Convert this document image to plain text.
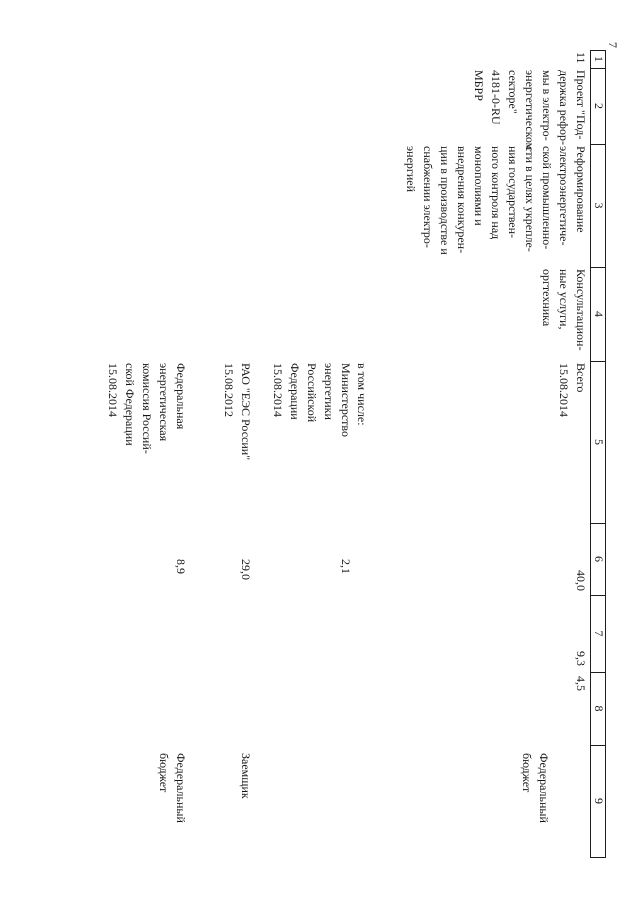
7
1
2
3
4
5
6
7
8
9
11
Проект "Под-
держка рефор-
мы в электро-
энергетическом
секторе"
4181-0-RU
МБРР
Реформирование
электроэнергетиче-
ской промышленно-
сти в целях укрепле-
ния государствен-
ного контроля над
монополиями и
внедрения конкурен-
ции в производстве и
снабжении электро-
энергией
Консультацион-
ные услуги,
оргтехника
Всего
15.08.2014
40,0
9,3
4,5
Федеральный
бюджет
в том числе:
Министерство
энергетики
Российской
Федерации
15.08.2014
2,1
РАО "ЕЭС России"
15.08.2012
29,0
Заемщик
Федеральная
энергетическая
комиссия Россий-
ской Федерации
15.08.2014
8,9
Федеральный
бюджет
